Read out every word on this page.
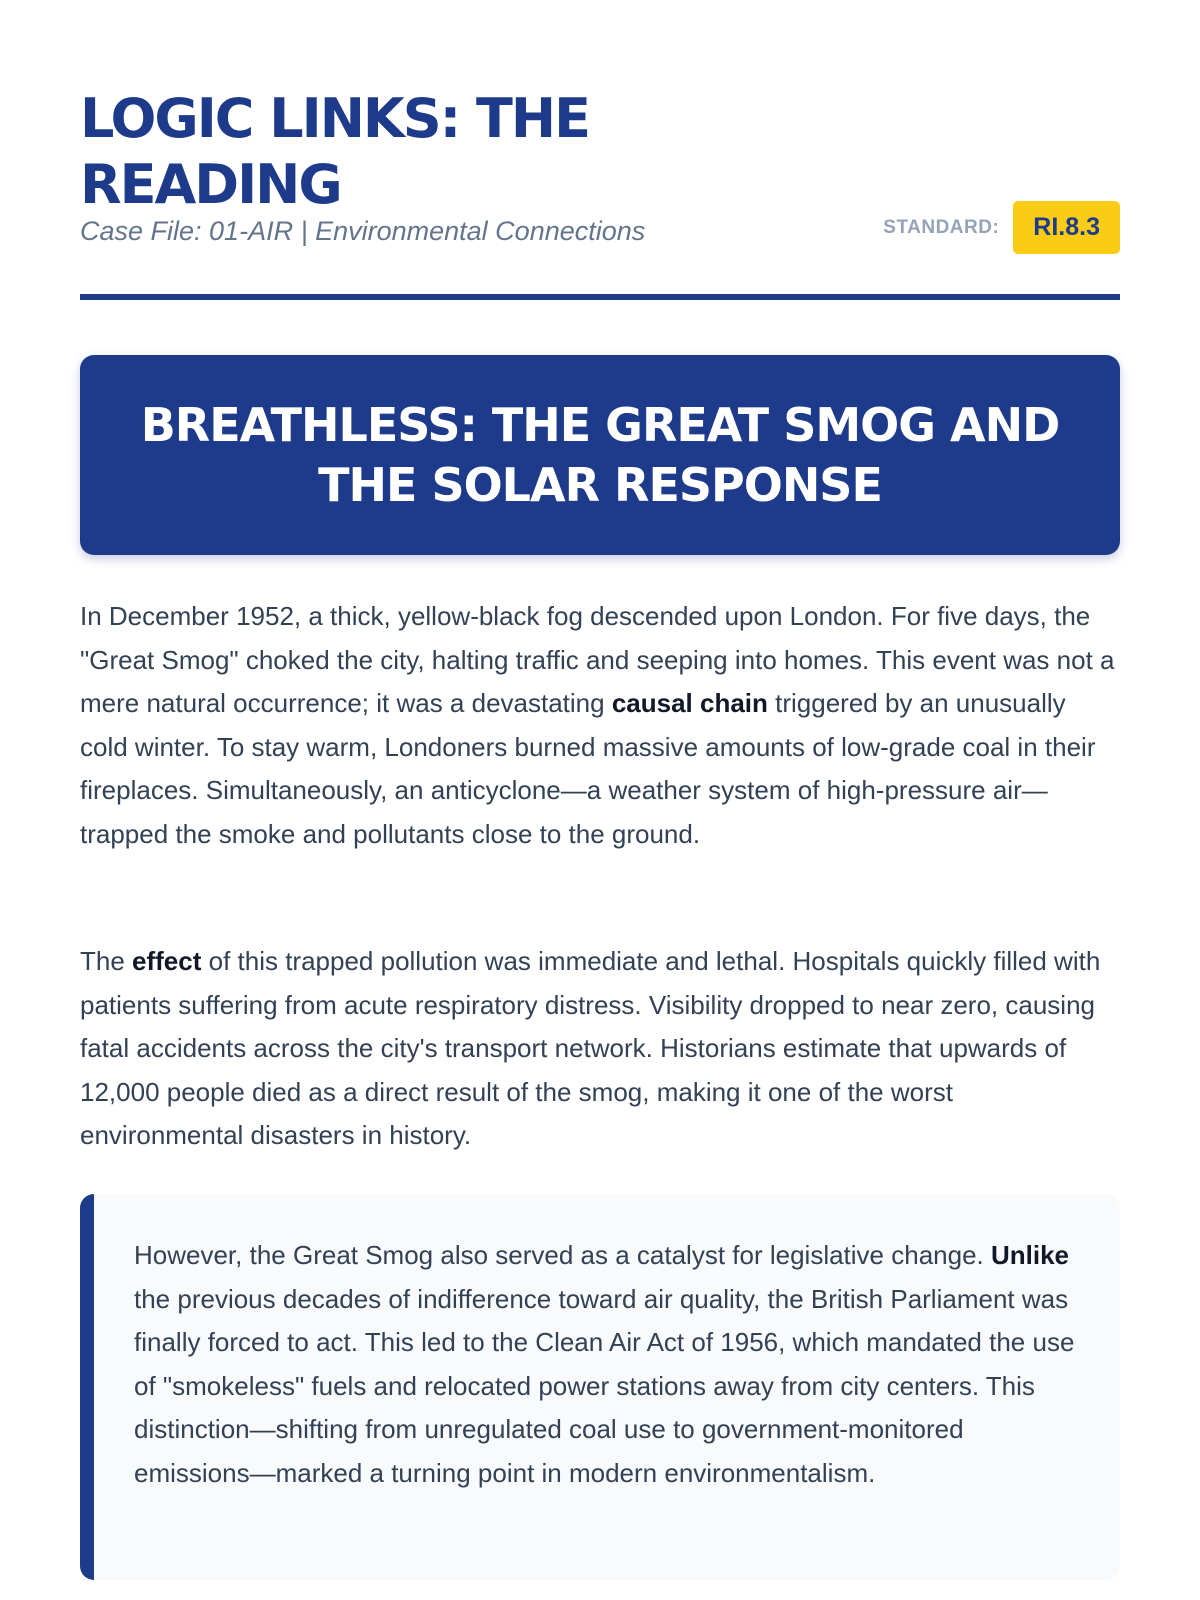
LOGIC LINKS: THE READING
Case File: 01-AIR | Environmental Connections	STANDARD:	RI.8.3
BREATHLESS: THE GREAT SMOG AND THE SOLAR RESPONSE

In December 1952, a thick, yellow-black fog descended upon London. For five days, the "Great Smog" choked the city, halting traffic and seeping into homes. This event was not a mere natural occurrence; it was a devastating causal chain triggered by an unusually cold winter. To stay warm, Londoners burned massive amounts of low-grade coal in their fireplaces. Simultaneously, an anticyclone—a weather system of high-pressure air—trapped the smoke and pollutants close to the ground.

The effect of this trapped pollution was immediate and lethal. Hospitals quickly filled with patients suffering from acute respiratory distress. Visibility dropped to near zero, causing fatal accidents across the city's transport network. Historians estimate that upwards of 12,000 people died as a direct result of the smog, making it one of the worst environmental disasters in history.

However, the Great Smog also served as a catalyst for legislative change. Unlike the previous decades of indifference toward air quality, the British Parliament was finally forced to act. This led to the Clean Air Act of 1956, which mandated the use of "smokeless" fuels and relocated power stations away from city centers. This distinction—shifting from unregulated coal use to government-monitored emissions—marked a turning point in modern environmentalism.
